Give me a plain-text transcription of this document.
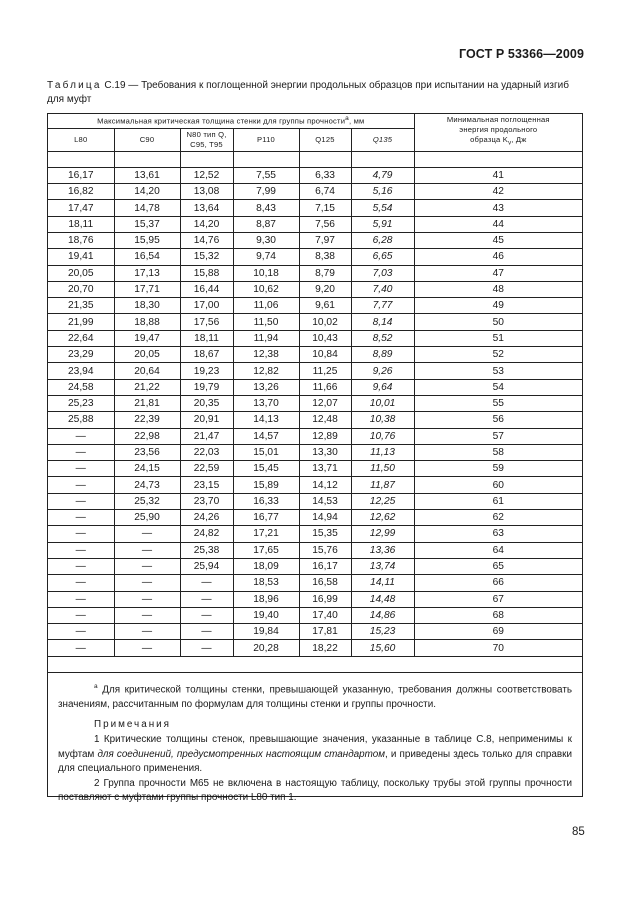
ГОСТ Р 53366—2009
Таблица С.19 — Требования к поглощенной энергии продольных образцов при испытании на ударный изгиб для муфт
Максимальная критическая толщина стенки для группы прочности$^a$, мм						Минимальная поглощенная
энергия продольного
образца $K_v$, Дж
L80	C90	N80 тип Q,
C95, T95	P110	Q125	Q135	

16,17	13,61	12,52	7,55	6,33	4,79	41
16,82	14,20	13,08	7,99	6,74	5,16	42
17,47	14,78	13,64	8,43	7,15	5,54	43
18,11	15,37	14,20	8,87	7,56	5,91	44
18,76	15,95	14,76	9,30	7,97	6,28	45
19,41	16,54	15,32	9,74	8,38	6,65	46
20,05	17,13	15,88	10,18	8,79	7,03	47
20,70	17,71	16,44	10,62	9,20	7,40	48
21,35	18,30	17,00	11,06	9,61	7,77	49
21,99	18,88	17,56	11,50	10,02	8,14	50
22,64	19,47	18,11	11,94	10,43	8,52	51
23,29	20,05	18,67	12,38	10,84	8,89	52
23,94	20,64	19,23	12,82	11,25	9,26	53
24,58	21,22	19,79	13,26	11,66	9,64	54
25,23	21,81	20,35	13,70	12,07	10,01	55
25,88	22,39	20,91	14,13	12,48	10,38	56
—	22,98	21,47	14,57	12,89	10,76	57
—	23,56	22,03	15,01	13,30	11,13	58
—	24,15	22,59	15,45	13,71	11,50	59
—	24,73	23,15	15,89	14,12	11,87	60
—	25,32	23,70	16,33	14,53	12,25	61
—	25,90	24,26	16,77	14,94	12,62	62
—	—	24,82	17,21	15,35	12,99	63
—	—	25,38	17,65	15,76	13,36	64
—	—	25,94	18,09	16,17	13,74	65
—	—	—	18,53	16,58	14,11	66
—	—	—	18,96	16,99	14,48	67
—	—	—	19,40	17,40	14,86	68
—	—	—	19,84	17,81	15,23	69
—	—	—	20,28	18,22	15,60	70

$^a$ Для критической толщины стенки, превышающей указанную, требования должны соответствовать значениям, рассчитанным по формулам для толщины стенки и группы прочности.

Примечания

1 Критические толщины стенок, превышающие значения, указанные в таблице С.8, неприменимы к муфтам для соединений, предусмотренных настоящим стандартом, и приведены здесь только для справки для специального применения.

2 Группа прочности M65 не включена в настоящую таблицу, поскольку трубы этой группы прочности поставляют с муфтами группы прочности L80 тип 1.

85
